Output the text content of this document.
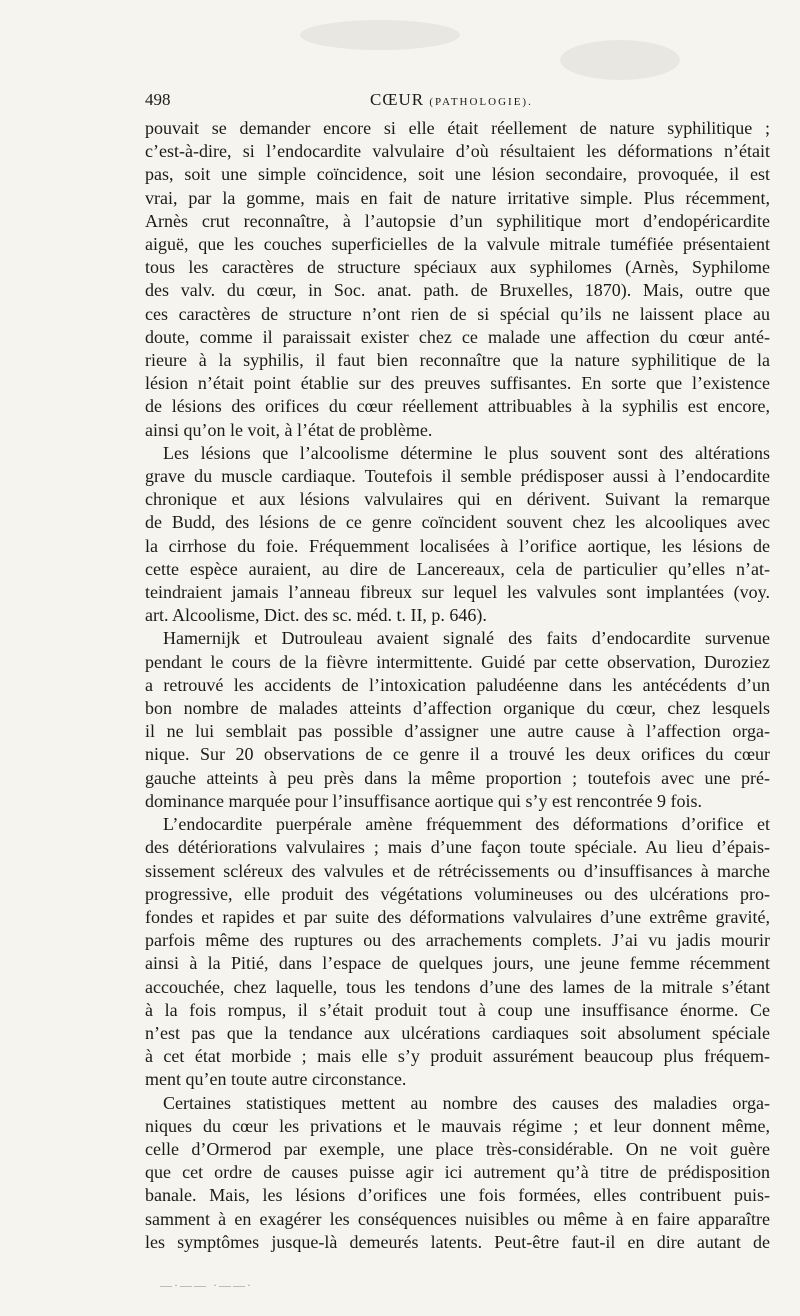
498	CŒUR (PATHOLOGIE).
pouvait se demander encore si elle était réellement de nature syphilitique ;
c’est-à-dire, si l’endocardite valvulaire d’où résultaient les déformations n’était
pas, soit une simple coïncidence, soit une lésion secondaire, provoquée, il est
vrai, par la gomme, mais en fait de nature irritative simple. Plus récemment,
Arnès crut reconnaître, à l’autopsie d’un syphilitique mort d’endopéricardite
aiguë, que les couches superficielles de la valvule mitrale tuméfiée présentaient
tous les caractères de structure spéciaux aux syphilomes (Arnès, Syphilome
des valv. du cœur, in Soc. anat. path. de Bruxelles, 1870). Mais, outre que
ces caractères de structure n’ont rien de si spécial qu’ils ne laissent place au
doute, comme il paraissait exister chez ce malade une affection du cœur anté-
rieure à la syphilis, il faut bien reconnaître que la nature syphilitique de la
lésion n’était point établie sur des preuves suffisantes. En sorte que l’existence
de lésions des orifices du cœur réellement attribuables à la syphilis est encore,
ainsi qu’on le voit, à l’état de problème.
Les lésions que l’alcoolisme détermine le plus souvent sont des altérations
grave du muscle cardiaque. Toutefois il semble prédisposer aussi à l’endocardite
chronique et aux lésions valvulaires qui en dérivent. Suivant la remarque
de Budd, des lésions de ce genre coïncident souvent chez les alcooliques avec
la cirrhose du foie. Fréquemment localisées à l’orifice aortique, les lésions de
cette espèce auraient, au dire de Lancereaux, cela de particulier qu’elles n’at-
teindraient jamais l’anneau fibreux sur lequel les valvules sont implantées (voy.
art. Alcoolisme, Dict. des sc. méd. t. II, p. 646).
Hamernijk et Dutrouleau avaient signalé des faits d’endocardite survenue
pendant le cours de la fièvre intermittente. Guidé par cette observation, Duroziez
a retrouvé les accidents de l’intoxication paludéenne dans les antécédents d’un
bon nombre de malades atteints d’affection organique du cœur, chez lesquels
il ne lui semblait pas possible d’assigner une autre cause à l’affection orga-
nique. Sur 20 observations de ce genre il a trouvé les deux orifices du cœur
gauche atteints à peu près dans la même proportion ; toutefois avec une pré-
dominance marquée pour l’insuffisance aortique qui s’y est rencontrée 9 fois.
L’endocardite puerpérale amène fréquemment des déformations d’orifice et
des détériorations valvulaires ; mais d’une façon toute spéciale. Au lieu d’épais-
sissement scléreux des valvules et de rétrécissements ou d’insuffisances à marche
progressive, elle produit des végétations volumineuses ou des ulcérations pro-
fondes et rapides et par suite des déformations valvulaires d’une extrême gravité,
parfois même des ruptures ou des arrachements complets. J’ai vu jadis mourir
ainsi à la Pitié, dans l’espace de quelques jours, une jeune femme récemment
accouchée, chez laquelle, tous les tendons d’une des lames de la mitrale s’étant
à la fois rompus, il s’était produit tout à coup une insuffisance énorme. Ce
n’est pas que la tendance aux ulcérations cardiaques soit absolument spéciale
à cet état morbide ; mais elle s’y produit assurément beaucoup plus fréquem-
ment qu’en toute autre circonstance.
Certaines statistiques mettent au nombre des causes des maladies orga-
niques du cœur les privations et le mauvais régime ; et leur donnent même,
celle d’Ormerod par exemple, une place très-considérable. On ne voit guère
que cet ordre de causes puisse agir ici autrement qu’à titre de prédisposition
banale. Mais, les lésions d’orifices une fois formées, elles contribuent puis-
samment à en exagérer les conséquences nuisibles ou même à en faire apparaître
les symptômes jusque-là demeurés latents. Peut-être faut-il en dire autant de
—·—— ·——·
